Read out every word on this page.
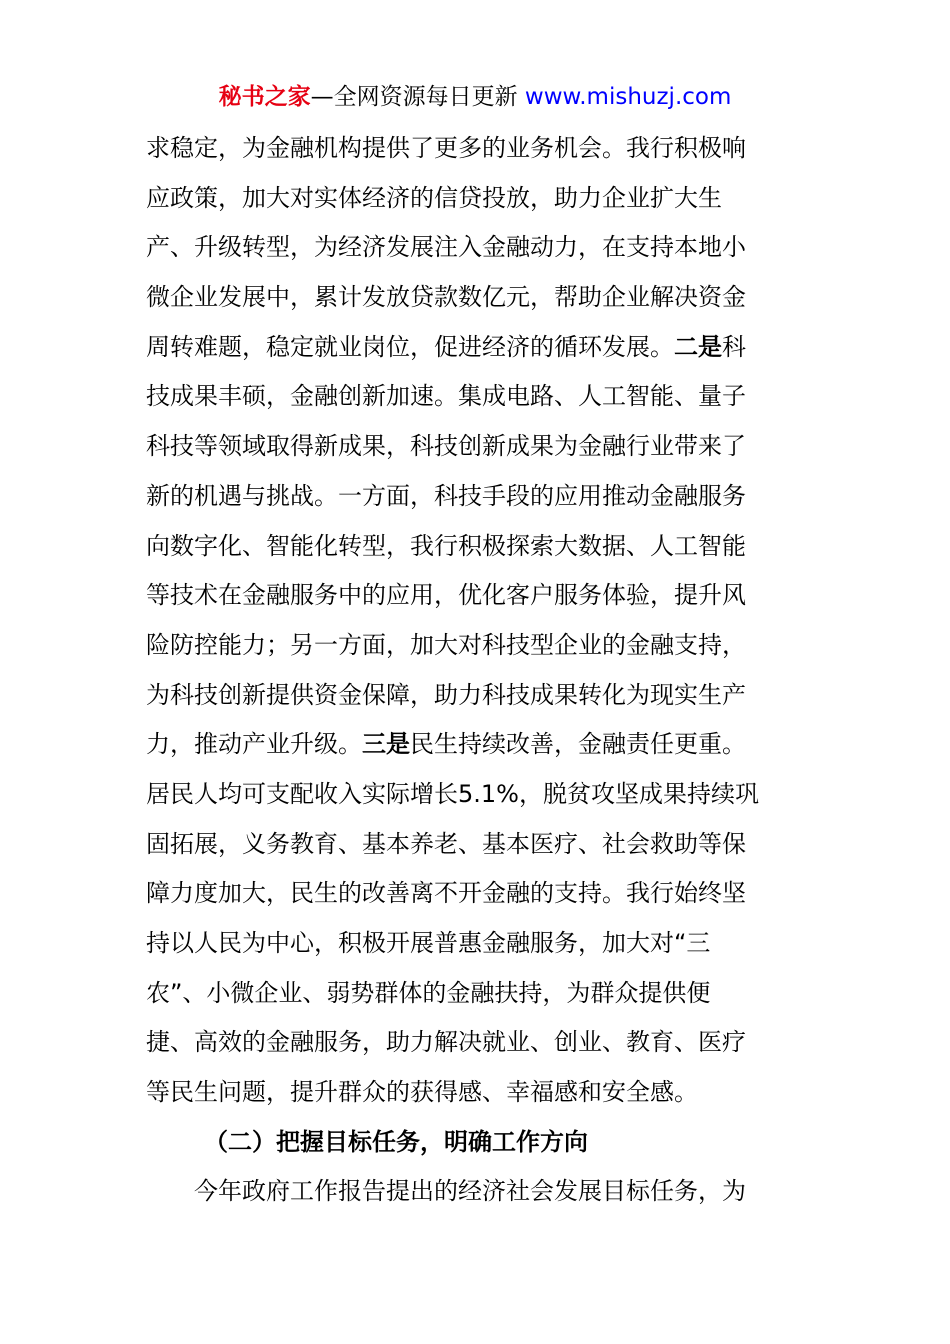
秘书之家—全网资源每日更新 www.mishuzj.com
求稳定，为金融机构提供了更多的业务机会。我行积极响
应政策，加大对实体经济的信贷投放，助力企业扩大生
产、升级转型，为经济发展注入金融动力，在支持本地小
微企业发展中，累计发放贷款数亿元，帮助企业解决资金
周转难题，稳定就业岗位，促进经济的循环发展。二是科
技成果丰硕，金融创新加速。集成电路、人工智能、量子
科技等领域取得新成果，科技创新成果为金融行业带来了
新的机遇与挑战。一方面，科技手段的应用推动金融服务
向数字化、智能化转型，我行积极探索大数据、人工智能
等技术在金融服务中的应用，优化客户服务体验，提升风
险防控能力；另一方面，加大对科技型企业的金融支持，
为科技创新提供资金保障，助力科技成果转化为现实生产
力，推动产业升级。三是民生持续改善，金融责任更重。
居民人均可支配收入实际增长5.1%，脱贫攻坚成果持续巩
固拓展，义务教育、基本养老、基本医疗、社会救助等保
障力度加大，民生的改善离不开金融的支持。我行始终坚
持以人民为中心，积极开展普惠金融服务，加大对“三
农”、小微企业、弱势群体的金融扶持，为群众提供便
捷、高效的金融服务，助力解决就业、创业、教育、医疗
等民生问题，提升群众的获得感、幸福感和安全感。
（二）把握目标任务，明确工作方向
今年政府工作报告提出的经济社会发展目标任务，为
